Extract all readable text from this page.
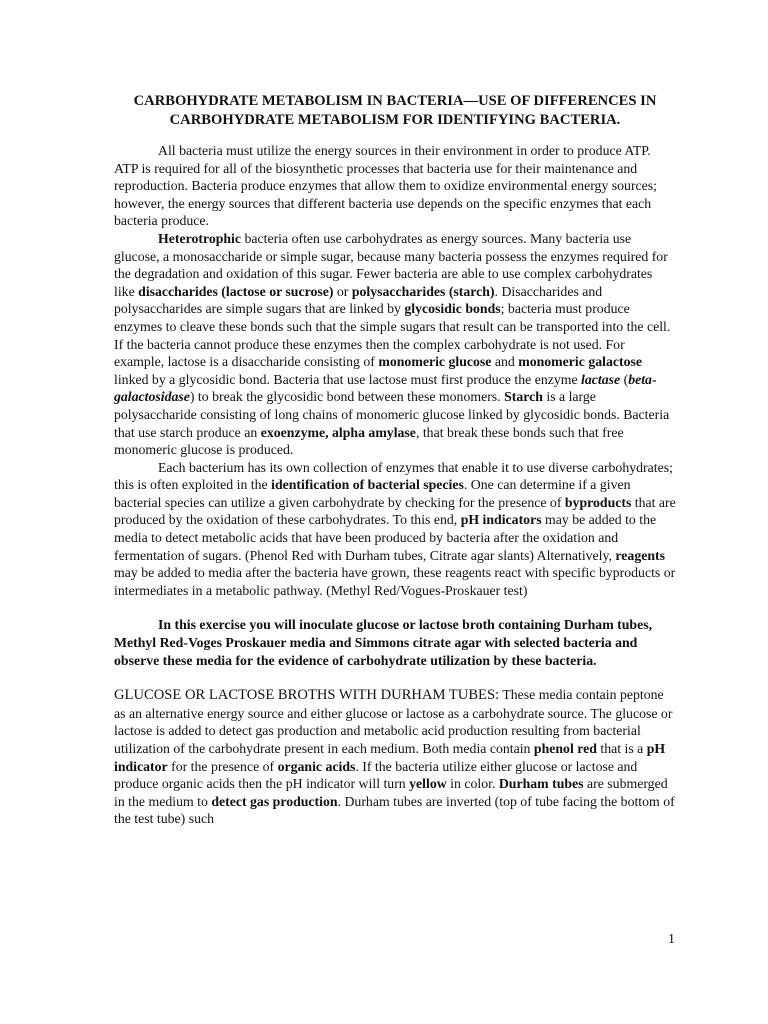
CARBOHYDRATE METABOLISM IN BACTERIA—USE OF DIFFERENCES IN CARBOHYDRATE METABOLISM FOR IDENTIFYING BACTERIA.

All bacteria must utilize the energy sources in their environment in order to produce ATP. ATP is required for all of the biosynthetic processes that bacteria use for their maintenance and reproduction. Bacteria produce enzymes that allow them to oxidize environmental energy sources; however, the energy sources that different bacteria use depends on the specific enzymes that each bacteria produce.

Heterotrophic bacteria often use carbohydrates as energy sources. Many bacteria use glucose, a monosaccharide or simple sugar, because many bacteria possess the enzymes required for the degradation and oxidation of this sugar. Fewer bacteria are able to use complex carbohydrates like disaccharides (lactose or sucrose) or polysaccharides (starch). Disaccharides and polysaccharides are simple sugars that are linked by glycosidic bonds; bacteria must produce enzymes to cleave these bonds such that the simple sugars that result can be transported into the cell. If the bacteria cannot produce these enzymes then the complex carbohydrate is not used. For example, lactose is a disaccharide consisting of monomeric glucose and monomeric galactose linked by a glycosidic bond. Bacteria that use lactose must first produce the enzyme lactase (beta-galactosidase) to break the glycosidic bond between these monomers. Starch is a large polysaccharide consisting of long chains of monomeric glucose linked by glycosidic bonds. Bacteria that use starch produce an exoenzyme, alpha amylase, that break these bonds such that free monomeric glucose is produced.

Each bacterium has its own collection of enzymes that enable it to use diverse carbohydrates; this is often exploited in the identification of bacterial species. One can determine if a given bacterial species can utilize a given carbohydrate by checking for the presence of byproducts that are produced by the oxidation of these carbohydrates. To this end, pH indicators may be added to the media to detect metabolic acids that have been produced by bacteria after the oxidation and fermentation of sugars. (Phenol Red with Durham tubes, Citrate agar slants) Alternatively, reagents may be added to media after the bacteria have grown, these reagents react with specific byproducts or intermediates in a metabolic pathway. (Methyl Red/Vogues-Proskauer test)

In this exercise you will inoculate glucose or lactose broth containing Durham tubes, Methyl Red-Voges Proskauer media and Simmons citrate agar with selected bacteria and observe these media for the evidence of carbohydrate utilization by these bacteria.

GLUCOSE OR LACTOSE BROTHS WITH DURHAM TUBES: These media contain peptone as an alternative energy source and either glucose or lactose as a carbohydrate source. The glucose or lactose is added to detect gas production and metabolic acid production resulting from bacterial utilization of the carbohydrate present in each medium. Both media contain phenol red that is a pH indicator for the presence of organic acids. If the bacteria utilize either glucose or lactose and produce organic acids then the pH indicator will turn yellow in color. Durham tubes are submerged in the medium to detect gas production. Durham tubes are inverted (top of tube facing the bottom of the test tube) such

1
